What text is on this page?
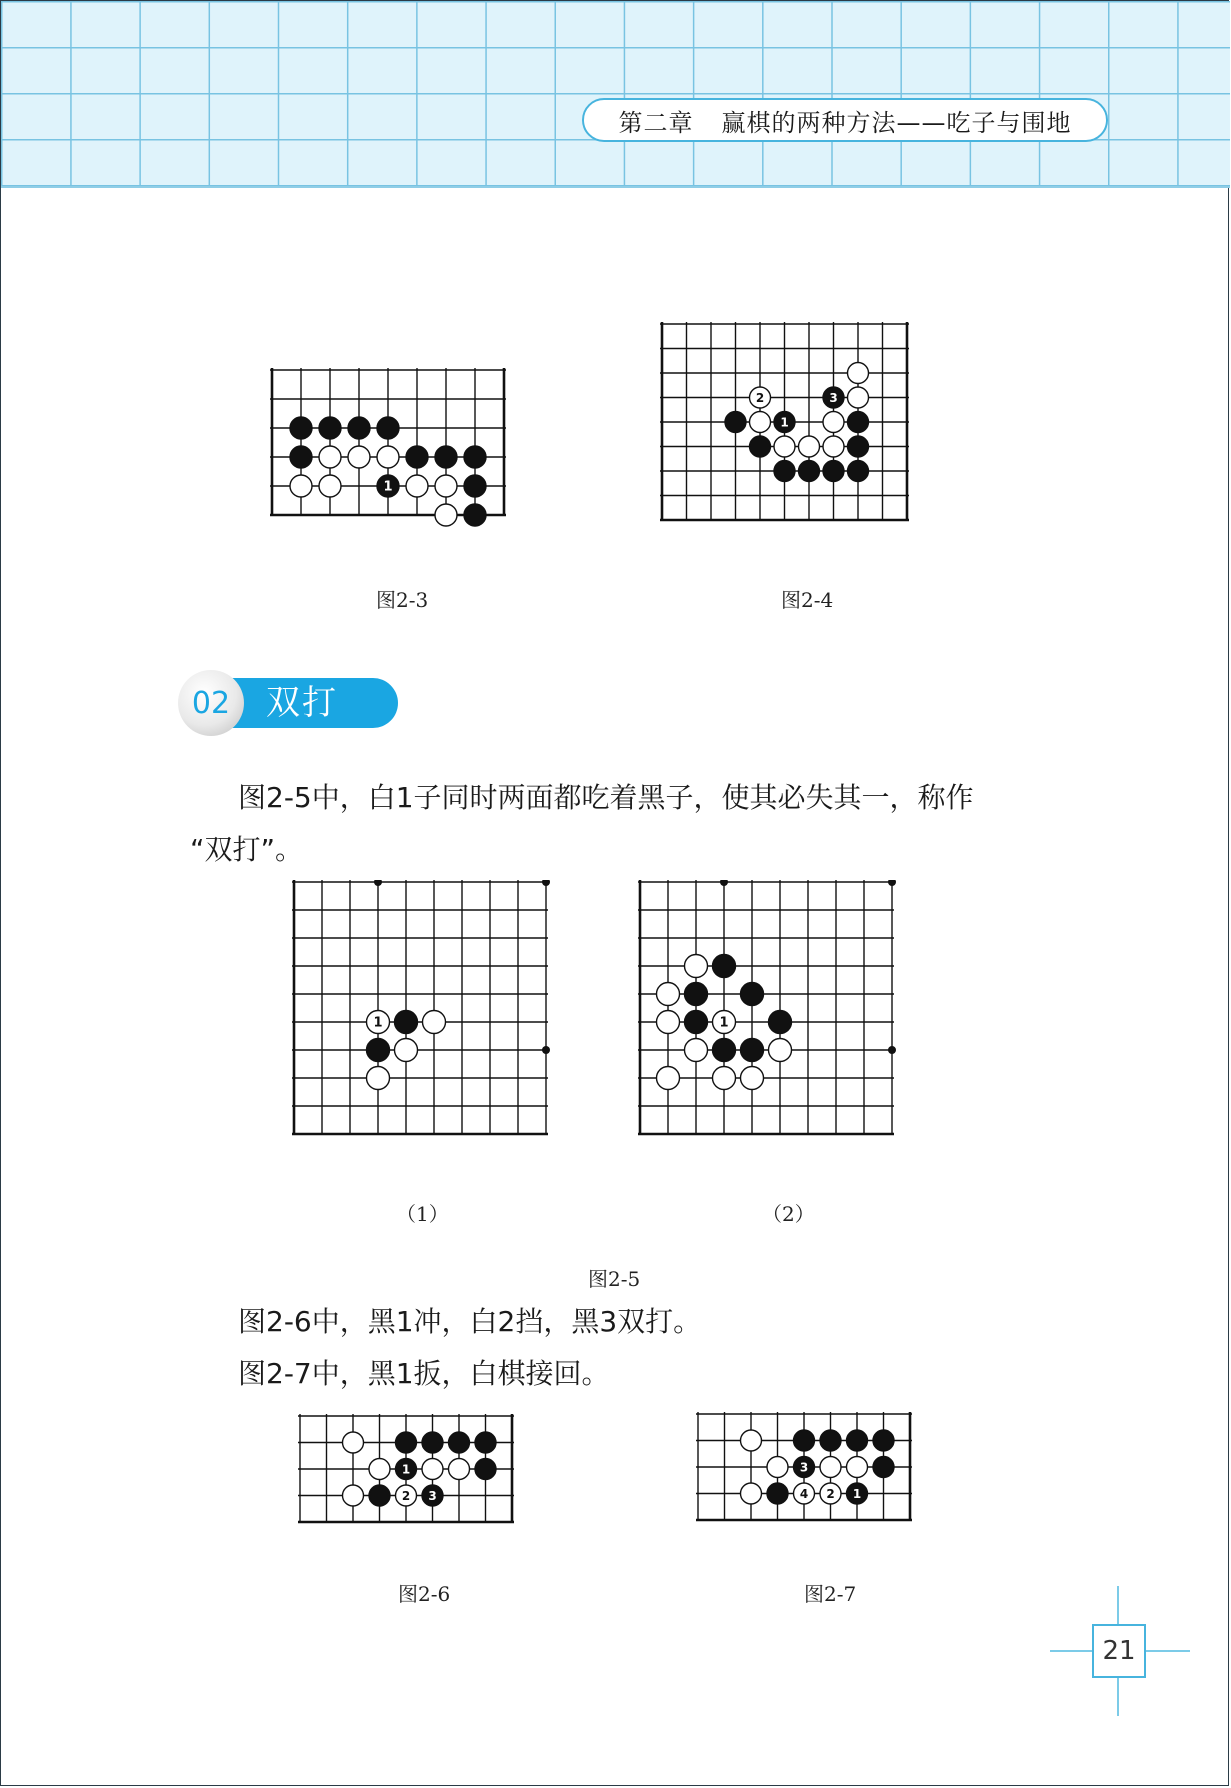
第二章 赢棋的两种方法——吃子与围地
1
图2-3
2	3
1
图2-4
02 双打
图2-5中，白1子同时两面都吃着黑子，使其必失其一，称作
“双打”。
1
（1）
1
（2）
图2-5
图2-6中，黑1冲，白2挡，黑3双打。
图2-7中，黑1扳，白棋接回。
1
2 3
图2-6
3
4 2 1
图2-7
21
